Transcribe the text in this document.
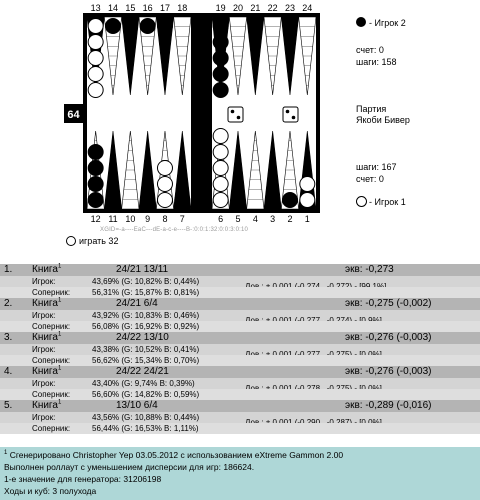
64
13 14 15 16 17 18	19 20 21 22 23 24
12 11 10 9 8 7	6 5 4 3 2 1
XGID=-a----EaC---dE-a-c-e----B-:0:0:1:32:0:0:3:0:10
- Игрок 2
счет: 0
шаги: 158
Партия
Якоби Бивер
шаги: 167
счет: 0
- Игрок 1
играть 32
1. Книга$^1$	24/21 13/11	экв: -0,273
Игрок:	43,69% (G: 10,82% B: 0,44%)
Соперник:	56,31% (G: 15,87% B: 0,81%)
2. Книга$^1$	24/21 6/4	экв: -0,275 (-0,002)
Игрок:	43,92% (G: 10,83% B: 0,46%)
Соперник:	56,08% (G: 16,92% B: 0,92%)
3. Книга$^1$	24/22 13/10	экв: -0,276 (-0,003)
Игрок:	43,38% (G: 10,52% B: 0,41%)
Соперник:	56,62% (G: 15,34% B: 0,70%)
4. Книга$^1$	24/22 24/21	экв: -0,276 (-0,003)
Игрок:	43,40% (G: 9,74% B: 0,39%)
Соперник:	56,60% (G: 14,82% B: 0,59%)
5. Книга$^1$	13/10 6/4	экв: -0,289 (-0,016)
Игрок:	43,56% (G: 10,88% B: 0,44%)
Соперник:	56,44% (G: 16,53% B: 1,11%)
$^1$ Сгенерировано Christopher Yep 03.05.2012 с использованием eXtreme Gammon 2.00
Выполнен роллаут с уменьшением дисперсии для игр: 186624.
1-е значение для генератора: 31206198
Ходы и куб: 3 полухода
